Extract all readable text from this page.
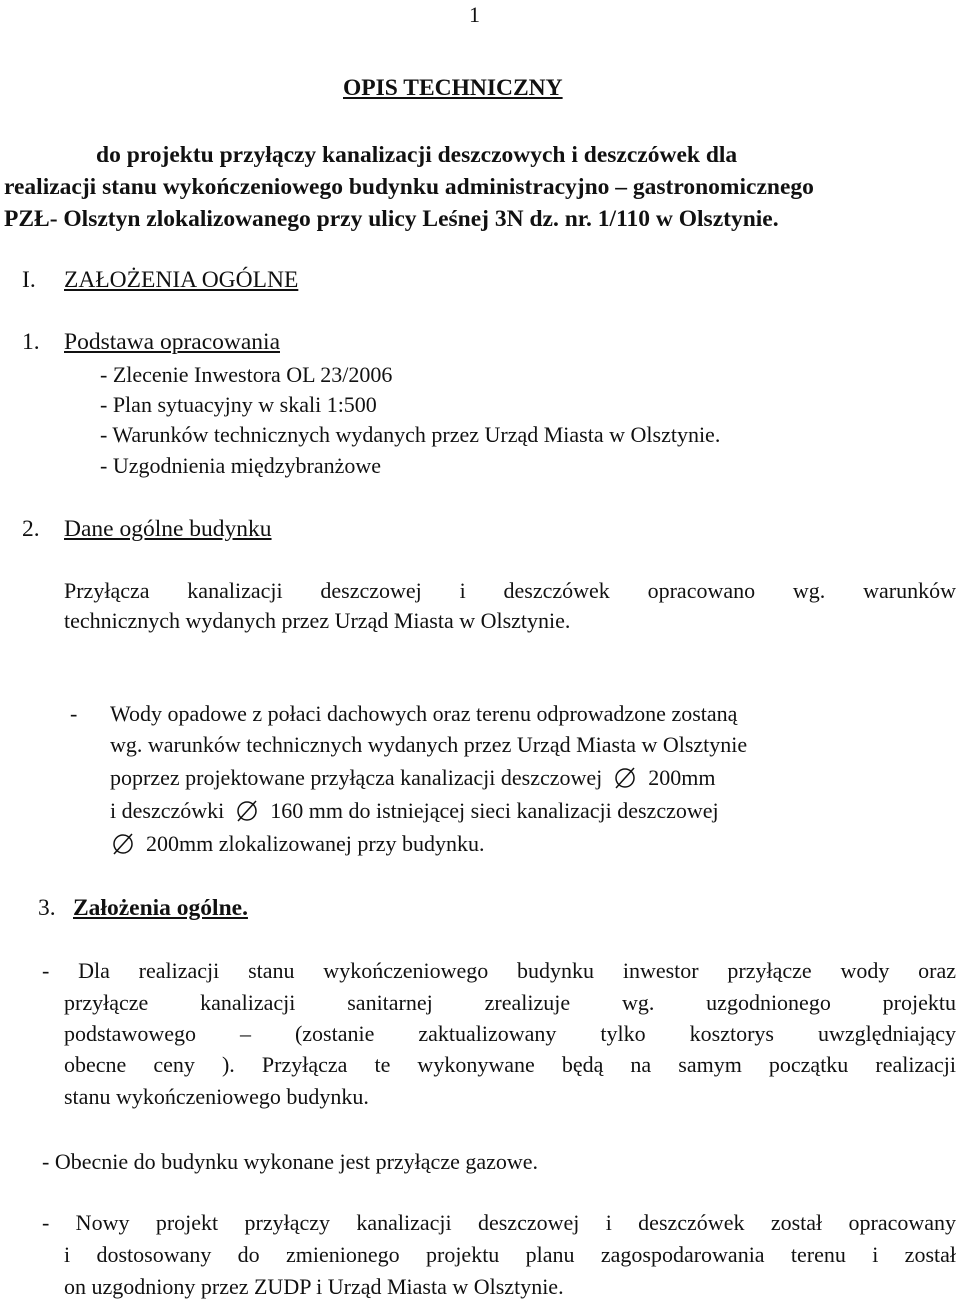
1
OPIS TECHNICZNY
do projektu przyłączy kanalizacji deszczowych i deszczówek dla
realizacji stanu wykończeniowego budynku administracyjno – gastronomicznego
PZŁ- Olsztyn zlokalizowanego przy ulicy Leśnej 3N dz. nr. 1/110 w Olsztynie.
I. ZAŁOŻENIA OGÓLNE
1. Podstawa opracowania
- Zlecenie Inwestora OL 23/2006
- Plan sytuacyjny w skali 1:500
- Warunków technicznych wydanych przez Urząd Miasta w Olsztynie.
- Uzgodnienia międzybranżowe
2. Dane ogólne budynku
Przyłącza kanalizacji deszczowej i deszczówek opracowano wg. warunków
technicznych wydanych przez Urząd Miasta w Olsztynie.
- Wody opadowe z połaci dachowych oraz terenu odprowadzone zostaną
wg. warunków technicznych wydanych przez Urząd Miasta w Olsztynie
poprzez projektowane przyłącza kanalizacji deszczowej 200mm
i deszczówki 160 mm do istniejącej sieci kanalizacji deszczowej
200mm zlokalizowanej przy budynku.
3. Założenia ogólne.
- Dla realizacji stanu wykończeniowego budynku inwestor przyłącze wody oraz
przyłącze kanalizacji sanitarnej zrealizuje wg. uzgodnionego projektu
podstawowego – (zostanie zaktualizowany tylko kosztorys uwzględniający
obecne ceny ). Przyłącza te wykonywane będą na samym początku realizacji
stanu wykończeniowego budynku.
- Obecnie do budynku wykonane jest przyłącze gazowe.
- Nowy projekt przyłączy kanalizacji deszczowej i deszczówek został opracowany
i dostosowany do zmienionego projektu planu zagospodarowania terenu i został
on uzgodniony przez ZUDP i Urząd Miasta w Olsztynie.
